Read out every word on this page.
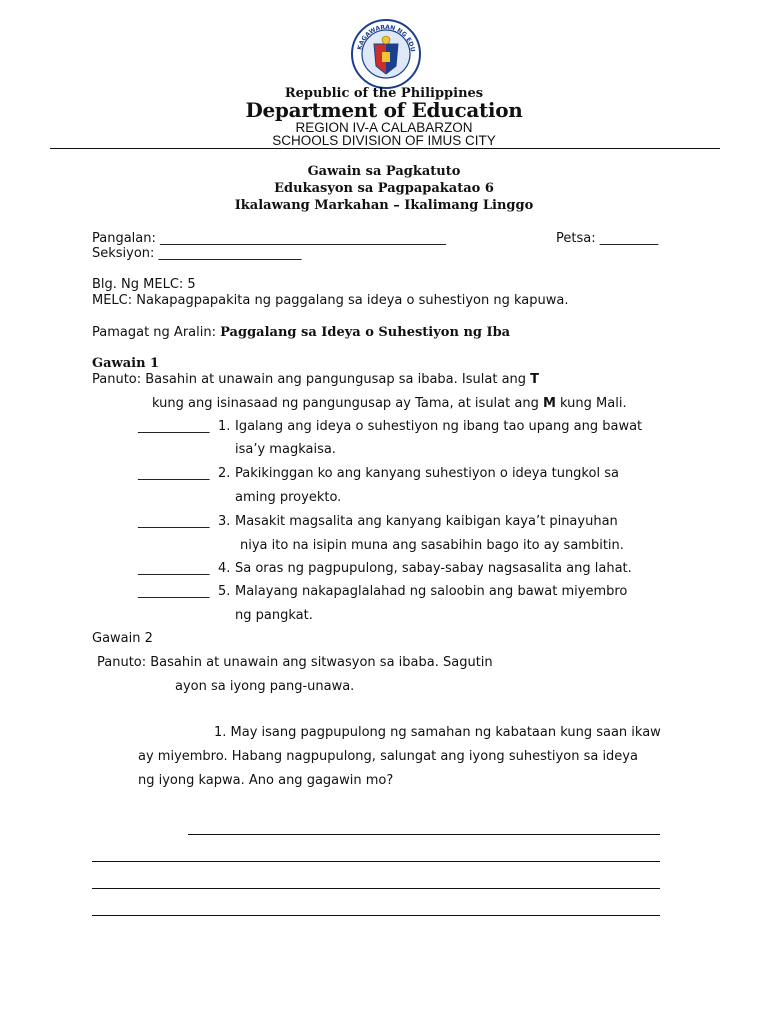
KAGAWARAN NG EDU
Republic of the Philippines
Department of Education
REGION IV-A CALABARZON
SCHOOLS DIVISION OF IMUS CITY
Gawain sa Pagkatuto
Edukasyon sa Pagpapakatao 6
Ikalawang Markahan – Ikalimang Linggo
Pangalan: ____________________________________________	Petsa: _________
Seksiyon: ______________________
Blg. Ng MELC: 5
MELC: Nakapagpapakita ng paggalang sa ideya o suhestiyon ng kapuwa.
Pamagat ng Aralin: Paggalang sa Ideya o Suhestiyon ng Iba
Gawain 1
Panuto: Basahin at unawain ang pangungusap sa ibaba. Isulat ang T
kung ang isinasaad ng pangungusap ay Tama, at isulat ang M kung Mali.
___________ 1. Igalang ang ideya o suhestiyon ng ibang tao upang ang bawat
isa’y magkaisa.
___________ 2. Pakikinggan ko ang kanyang suhestiyon o ideya tungkol sa
aming proyekto.
___________ 3. Masakit magsalita ang kanyang kaibigan kaya’t pinayuhan
niya ito na isipin muna ang sasabihin bago ito ay sambitin.
___________ 4. Sa oras ng pagpupulong, sabay-sabay nagsasalita ang lahat.
___________ 5. Malayang nakapaglalahad ng saloobin ang bawat miyembro
ng pangkat.
Gawain 2
Panuto: Basahin at unawain ang sitwasyon sa ibaba. Sagutin
ayon sa iyong pang-unawa.
1. May isang pagpupulong ng samahan ng kabataan kung saan ikaw
ay miyembro. Habang nagpupulong, salungat ang iyong suhestiyon sa ideya
ng iyong kapwa. Ano ang gagawin mo?
